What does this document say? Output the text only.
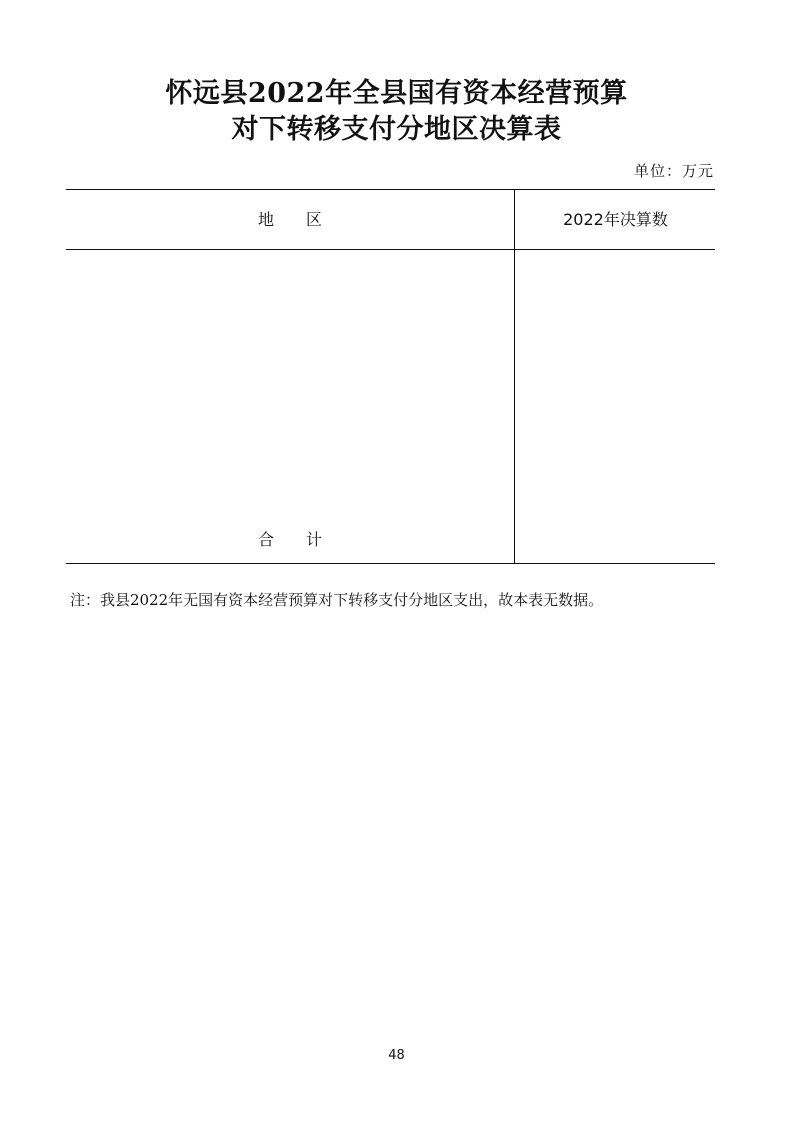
怀远县2022年全县国有资本经营预算
对下转移支付分地区决算表
单位：万元
地　　区	2022年决算数
合　　计
注：我县2022年无国有资本经营预算对下转移支付分地区支出，故本表无数据。
48
